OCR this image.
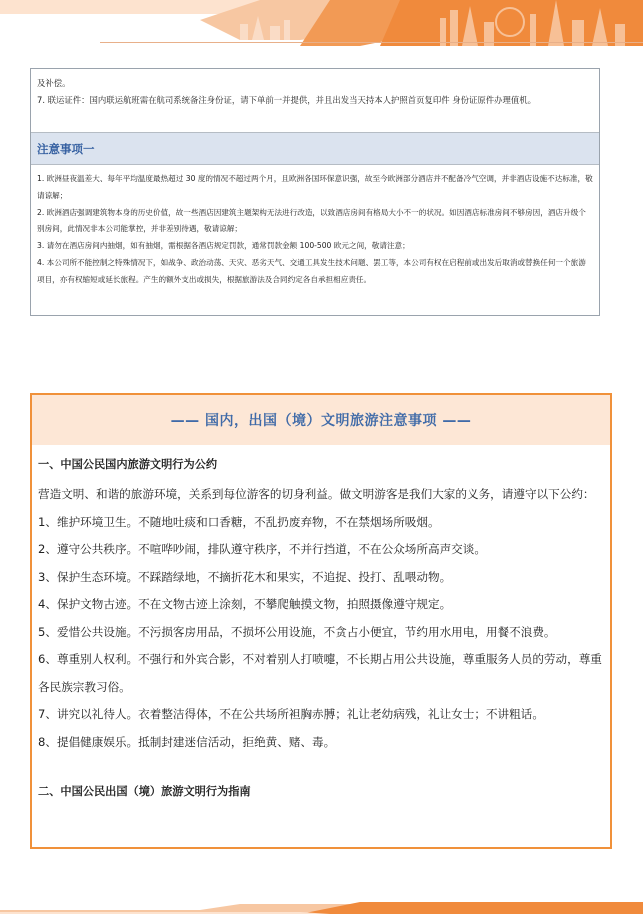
及补偿。

7. 联运证件：国内联运航班需在航司系统备注身份证，请下单前一并提供，并且出发当天持本人护照首页复印件 身份证原件办理值机。

注意事项一

1. 欧洲昼夜温差大、每年平均温度最热超过 30 度的情况不超过两个月，且欧洲各国环保意识强，故至今欧洲部分酒店并不配备冷气空调，并非酒店设施不达标准，敬请谅解；

2. 欧洲酒店强调建筑物本身的历史价值，故一些酒店因建筑主题架构无法进行改造，以致酒店房间有格局大小不一的状况。如因酒店标准房间不够房因，酒店升级个别房间，此情况非本公司能掌控，并非差别待遇，敬请谅解；

3. 请勿在酒店房间内抽烟，如有抽烟，需根据各酒店规定罚款，通常罚款金额 100-500 欧元之间，敬请注意；

4. 本公司所不能控制之特殊情况下，如战争、政治动荡、天灾、恶劣天气、交通工具发生技术问题、罢工等，本公司有权在启程前或出发后取消或替换任何一个旅游项目，亦有权缩短或延长旅程。产生的额外支出或损失，根据旅游法及合同约定各自承担相应责任。

—— 国内，出国（境）文明旅游注意事项 ——

一、中国公民国内旅游文明行为公约

营造文明、和谐的旅游环境，关系到每位游客的切身利益。做文明游客是我们大家的义务，请遵守以下公约：

1、维护环境卫生。不随地吐痰和口香糖，不乱扔废弃物，不在禁烟场所吸烟。

2、遵守公共秩序。不喧哗吵闹，排队遵守秩序，不并行挡道，不在公众场所高声交谈。

3、保护生态环境。不踩踏绿地，不摘折花木和果实，不追捉、投打、乱喂动物。

4、保护文物古迹。不在文物古迹上涂刻，不攀爬触摸文物，拍照摄像遵守规定。

5、爱惜公共设施。不污损客房用品，不损坏公用设施，不贪占小便宜，节约用水用电，用餐不浪费。

6、尊重别人权利。不强行和外宾合影，不对着别人打喷嚏，不长期占用公共设施，尊重服务人员的劳动，尊重各民族宗教习俗。

7、讲究以礼待人。衣着整洁得体，不在公共场所袒胸赤膊；礼让老幼病残，礼让女士；不讲粗话。

8、提倡健康娱乐。抵制封建迷信活动，拒绝黄、赌、毒。

二、中国公民出国（境）旅游文明行为指南
